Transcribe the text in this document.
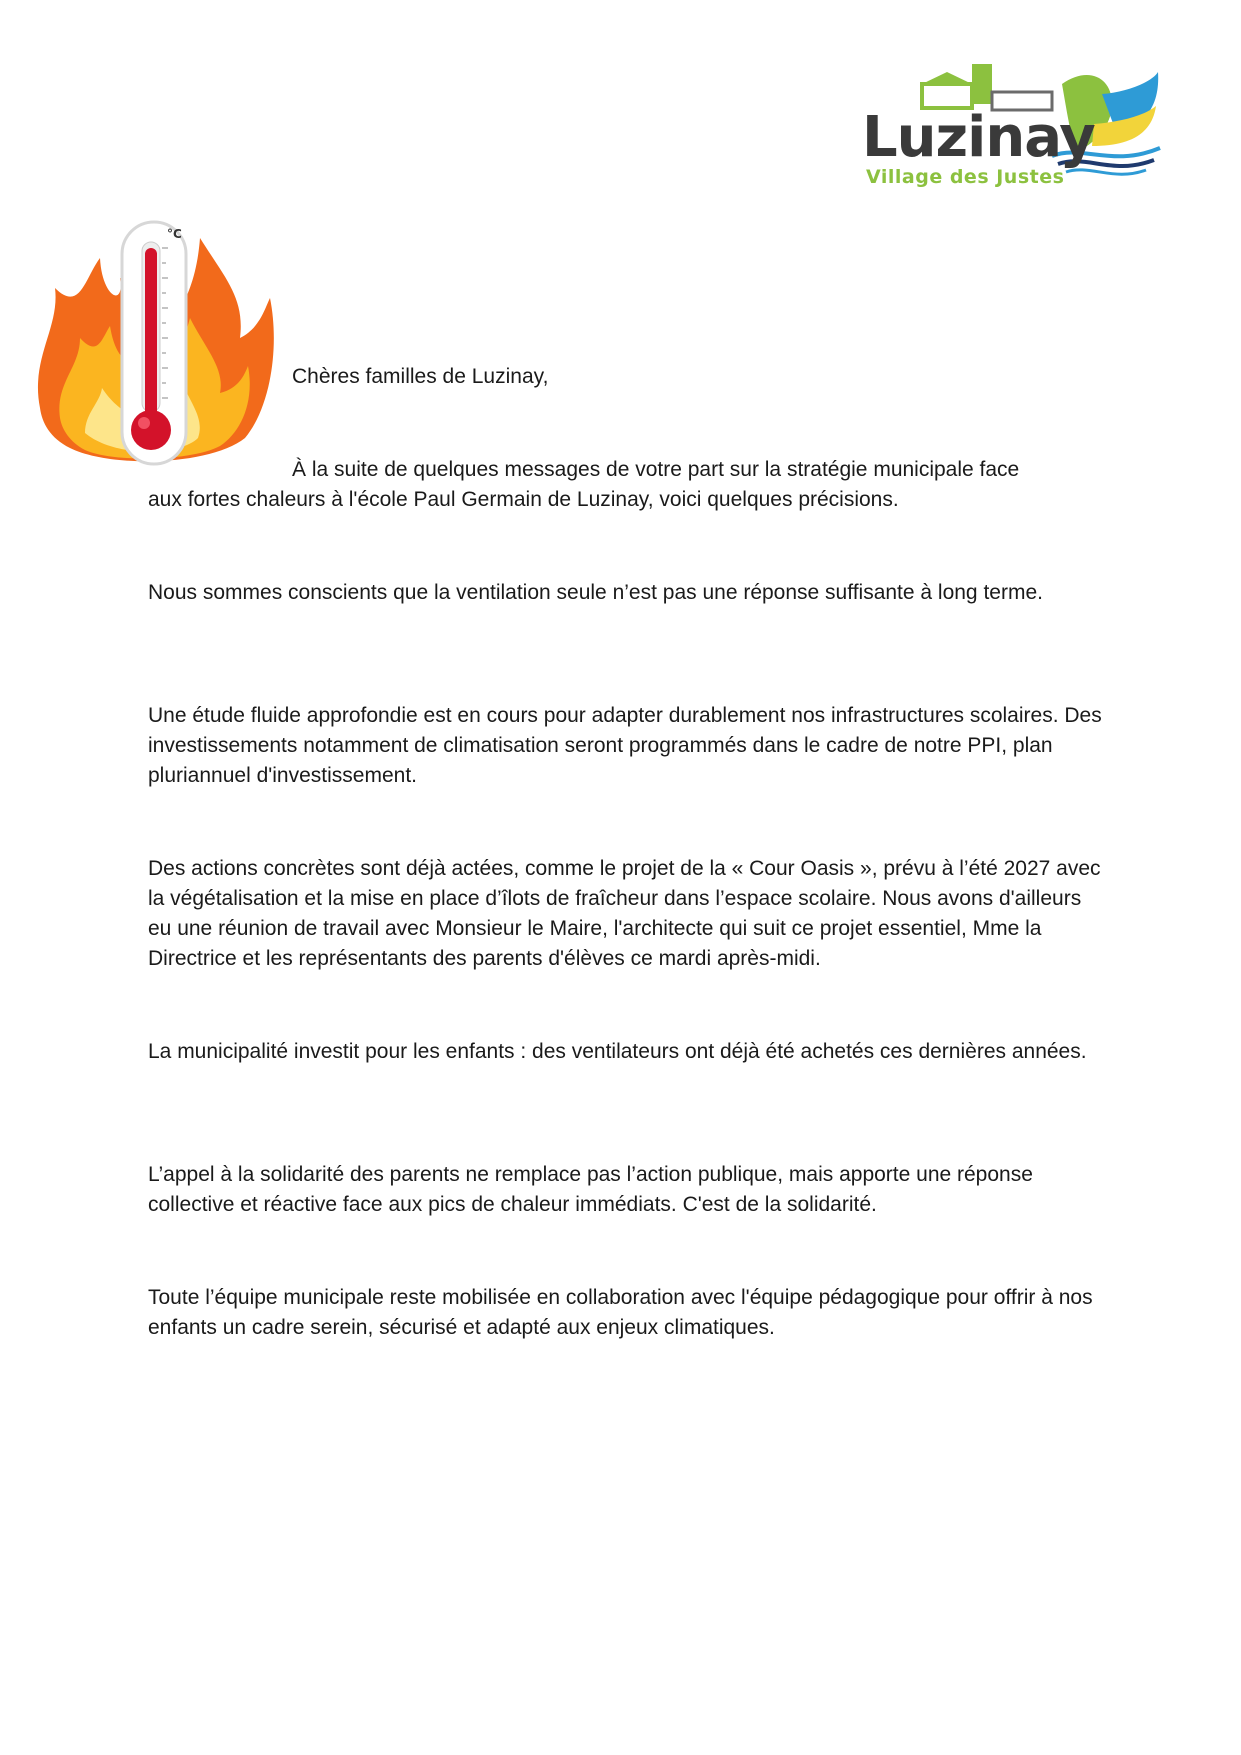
Luzinay
Village des Justes
°C
Chères familles de Luzinay,
À la suite de quelques messages de votre part sur la stratégie municipale face
aux fortes chaleurs à l'école Paul Germain de Luzinay, voici quelques précisions.
Nous sommes conscients que la ventilation seule n’est pas une réponse suffisante à long terme.
Une étude fluide approfondie est en cours pour adapter durablement nos infrastructures scolaires. Des investissements notamment de climatisation seront programmés dans le cadre de notre PPI, plan pluriannuel d'investissement.
Des actions concrètes sont déjà actées, comme le projet de la « Cour Oasis », prévu à l’été 2027 avec la végétalisation et la mise en place d’îlots de fraîcheur dans l’espace scolaire. Nous avons d'ailleurs eu une réunion de travail avec Monsieur le Maire, l'architecte qui suit ce projet essentiel, Mme la Directrice et les représentants des parents d'élèves ce mardi après-midi.
La municipalité investit pour les enfants : des ventilateurs ont déjà été achetés ces dernières années.
L’appel à la solidarité des parents ne remplace pas l’action publique, mais apporte une réponse collective et réactive face aux pics de chaleur immédiats. C'est de la solidarité.
Toute l’équipe municipale reste mobilisée en collaboration avec l'équipe pédagogique pour offrir à nos enfants un cadre serein, sécurisé et adapté aux enjeux climatiques.
